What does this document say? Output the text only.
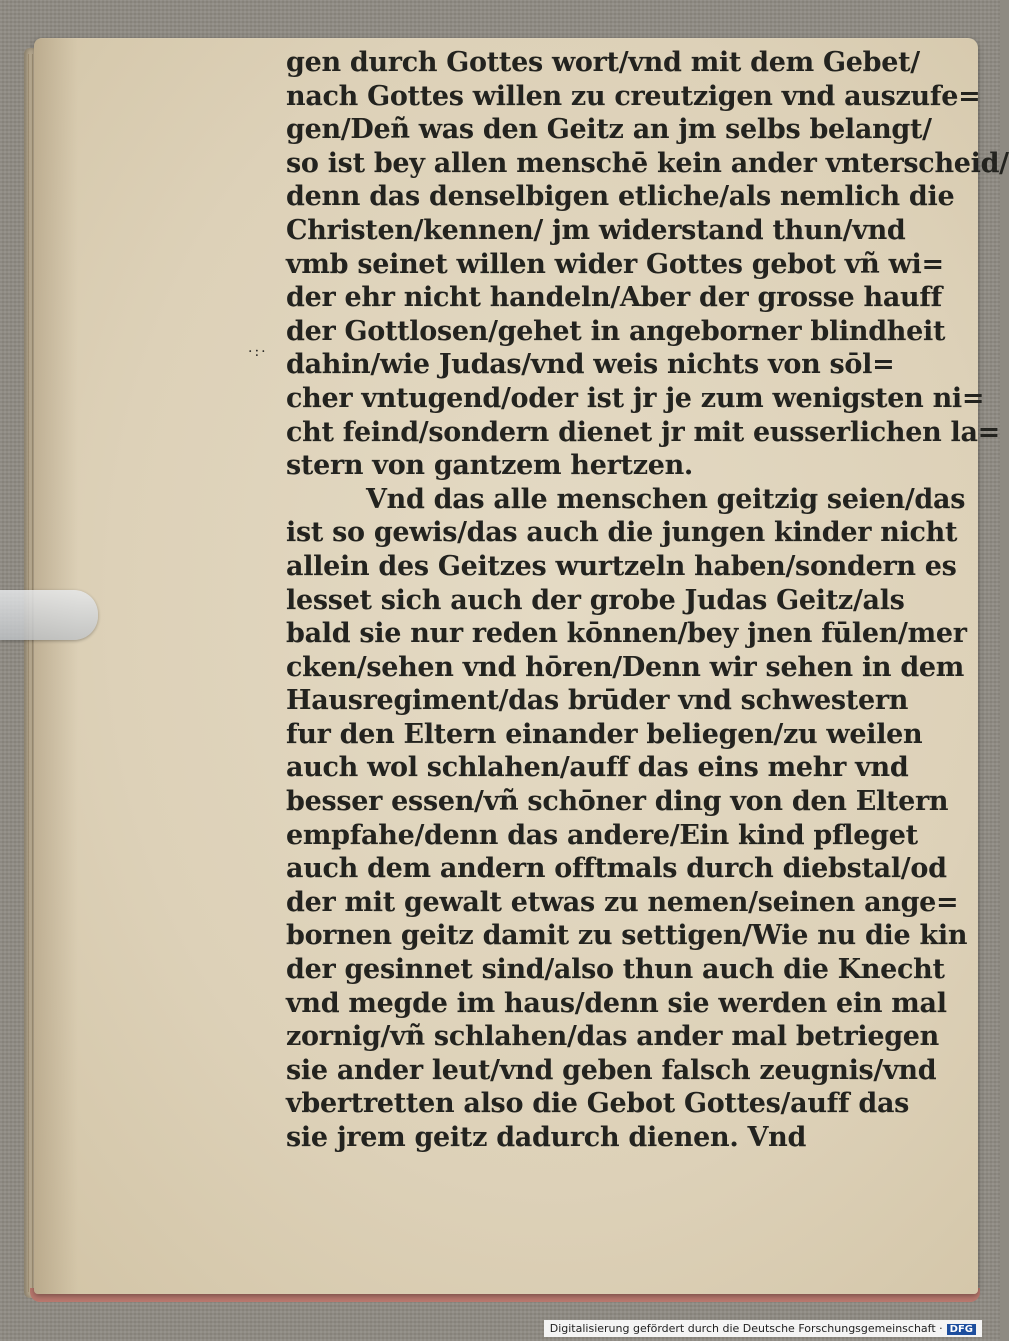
·:·
gen durch Gottes wort/vnd mit dem Gebet/
nach Gottes willen zu creutzigen vnd auszufe=
gen/Deñ was den Geitz an jm selbs belangt/
so ist bey allen menschē kein ander vnterscheid/
denn das denselbigen etliche/als nemlich die
Christen/kennen/ jm widerstand thun/vnd
vmb seinet willen wider Gottes gebot vñ wi=
der ehr nicht handeln/Aber der grosse hauff
der Gottlosen/gehet in angeborner blindheit
dahin/wie Judas/vnd weis nichts von sōl=
cher vntugend/oder ist jr je zum wenigsten ni=
cht feind/sondern dienet jr mit eusserlichen la=
stern von gantzem hertzen.
Vnd das alle menschen geitzig seien/das
ist so gewis/das auch die jungen kinder nicht
allein des Geitzes wurtzeln haben/sondern es
lesset sich auch der grobe Judas Geitz/als
bald sie nur reden kōnnen/bey jnen fūlen/mer
cken/sehen vnd hōren/Denn wir sehen in dem
Hausregiment/das brūder vnd schwestern
fur den Eltern einander beliegen/zu weilen
auch wol schlahen/auff das eins mehr vnd
besser essen/vñ schōner ding von den Eltern
empfahe/denn das andere/Ein kind pfleget
auch dem andern offtmals durch diebstal/od
der mit gewalt etwas zu nemen/seinen ange=
bornen geitz damit zu settigen/Wie nu die kin
der gesinnet sind/also thun auch die Knecht
vnd megde im haus/denn sie werden ein mal
zornig/vñ schlahen/das ander mal betriegen
sie ander leut/vnd geben falsch zeugnis/vnd
vbertretten also die Gebot Gottes/auff das
sie jrem geitz dadurch dienen. Vnd
Digitalisierung gefördert durch die Deutsche Forschungsgemeinschaft · DFG
